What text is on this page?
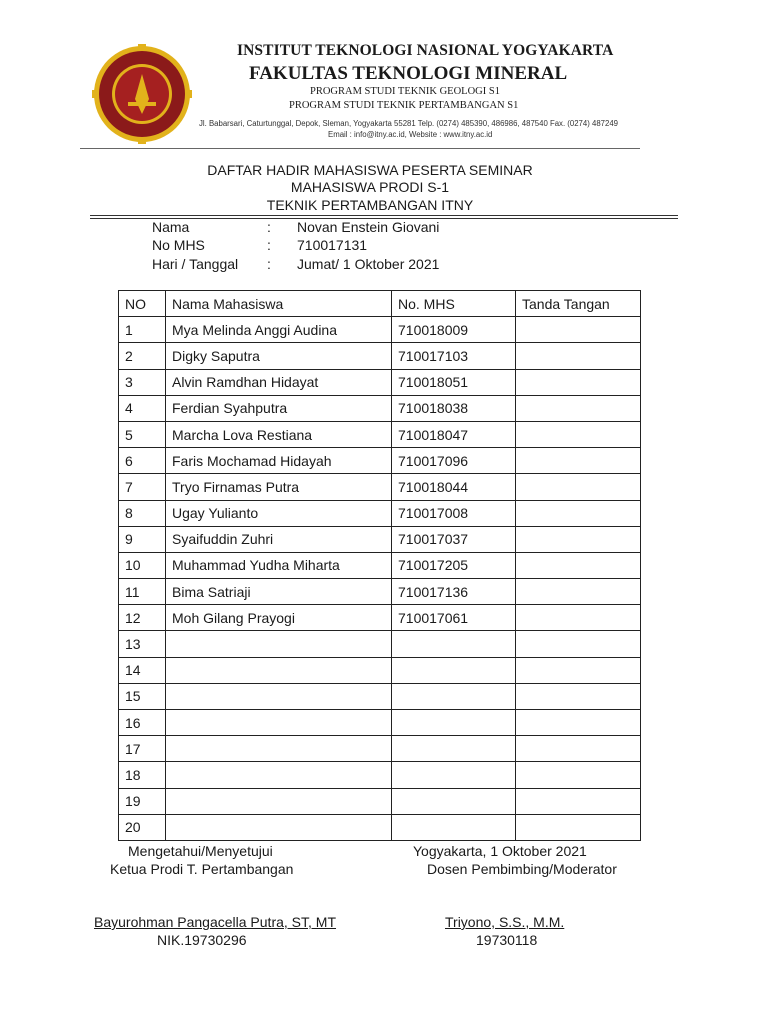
INSTITUT TEKNOLOGI NASIONAL YOGYAKARTA
FAKULTAS TEKNOLOGI MINERAL
PROGRAM STUDI TEKNIK GEOLOGI S1
PROGRAM STUDI TEKNIK PERTAMBANGAN S1
Jl. Babarsari, Caturtunggal, Depok, Sleman, Yogyakarta 55281 Telp. (0274) 485390, 486986, 487540 Fax. (0274) 487249
Email : info@itny.ac.id, Website : www.itny.ac.id
DAFTAR HADIR MAHASISWA PESERTA SEMINAR
MAHASISWA PRODI S-1
TEKNIK PERTAMBANGAN ITNY
Nama	: Novan Enstein Giovani
No MHS	: 710017131
Hari / Tanggal : Jumat/ 1 Oktober 2021
NO	Nama Mahasiswa	No. MHS	Tanda Tangan
1	Mya Melinda Anggi Audina	710018009	
2	Digky Saputra	710017103	
3	Alvin Ramdhan Hidayat	710018051	
4	Ferdian Syahputra	710018038	
5	Marcha Lova Restiana	710018047	
6	Faris Mochamad Hidayah	710017096	
7	Tryo Firnamas Putra	710018044	
8	Ugay Yulianto	710017008	
9	Syaifuddin Zuhri	710017037	
10	Muhammad Yudha Miharta	710017205	
11	Bima Satriaji	710017136	
12	Moh Gilang Prayogi	710017061	
13			
14			
15			
16			
17			
18			
19			
20			
Mengetahui/Menyetujui
Ketua Prodi T. Pertambangan
Bayurohman Pangacella Putra, ST, MT
NIK.19730296
Yogyakarta, 1 Oktober 2021
Dosen Pembimbing/Moderator
Triyono, S.S., M.M.
19730118
